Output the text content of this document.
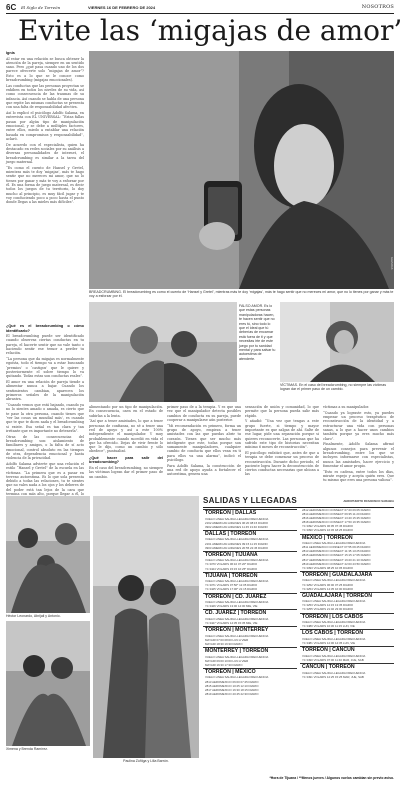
6C El Siglo de Torreón	VIERNES 16 DE FEBRERO DE 2024	NOSOTROS
Evite las ‘migajas de amor’
Ignis

Al estar en una relación se busca obtener la atención de la pareja, siempre en un sentido sano. Pero ¿qué pasa cuando uno de los dos parece ofrecerte solo “migajas de amor”? Esto es a lo que se le conoce como breadcrumbing (migajas emocionales).

Las conductas que las personas proyectan se exhiben en todos los niveles de su vida, así como consecuencia de las traumas de su infancia. Así cuando se habla de una persona que repite las mismas conductas se presenta con una falta de responsabilidad afectiva.

Así lo explicó el psicólogo Adolfo Salama, en entrevista con EL UNIVERSAL: “Estas fallas pasan por algún tipo de manipulación emocional, y se debe a múltiples factores, entre ellos, miedo a entablar una relación basada en compromisos y responsabilidad”, aclaró.

De acuerdo con el especialista, quien ha destacado en redes sociales por su análisis a diversas personalidades de internet, el breadcrumbing es similar a la tarea del juego maternal.

“Es como el cuento de Hansel y Gretel, mientras más te doy ‘migajas’, más te hago sentir que no mereces mi amor, que no lo tienes por ganar y más te voy a esforzar por él. Es una forma de juego maternal, es decir todos los juegos de tu territorio, lo doy mucho al principio, es muy fácil jugar y te voy conduciendo poco a poco hasta el punto donde llegas a las mieles más difíciles”.

¿Qué es el breadcrumbing o cómo identificarlo?

El breadcrumbing puede ser identificado cuando observas ciertas conductas en tu pareja, el hacerte sentir que no vale tanto o haciendo sentir ese temor a perder tu relación.

“La persona que da migajas es normalmente egoísta, todo el tiempo va a estar buscando ‘premios’ o ‘castigos’ que le quiere y posteriormente el sobre tiempo lo va quitando. Todas estas son conductas reales”.

El amor en una relación de pareja tiende a alimentar nunca a bajar. Cuando los sentimientos cambian, aparecen los primeros señales de la manipulación abrasiva.

“Cuando vemos que está bajando, cuando ya no lo sientes amado o amada, es cierto que te pase la otra persona, cuando tienes que ‘ver las cosas un mundial más’, es cuando que te que te dicen nada y el breadcrumbing si existe. Esa señal es tan clara y tan irritante que es importante no detenerla”.

Otras de las consecuencias del breadcrumbing son: aislamiento de familiares y amigos, o la falta de sí acto emocional, control absoluto en las tiempos de otra, dependencia emocional y hasta violencia de la privacidad.

Adolfo Salama advierte que una relación el estilo “Hansel y Gretel” de la escuela en las víctimas. “La primera que es a pasar en terreno autoestima. Es lo que sola presenta debido a todas las relaciones, tu te sientes que no vales nada a los ojos y los deberes de del poder está tan lejos de la cara que termina con más alto, porque llegar a él, lo

AGENCIAS
BREADCRUMBING. El breadcrumbing es como el cuento de ‘Hansel y Gretel’, mientras más te doy ‘migajas’, más te hago sentir que no mereces mi amor, que no lo tienes por ganar y más te voy a esforzar por él.
FALSO AMOR. Es lo que estas personas manipuladoras hacen, te hacen sentir que no eres tú, sino todo lo que el ideal que tú deberías de encarnar está fuera de ti y que necesitas irte de este juego por tu sanidad mental y para salvar tu autoestima de atenderte.
VÍCTIMAS. En el caso del breadcrumbing, no siempre las víctimas logran dar el primer paso de un cambio.

alimentando por un tipo de manipulación. En consecuencia, caen en el estado de subirlas a la lenta.

“Así que a tener amistades, lo que a tener personas de confianza, no sé a tener una red de apoyo y así a este 100% independiente el manipulador. Y muy probablemente cuando sucedió en vida el que ha ofrecido. Dejas de vivir frente lo que le dijo, como un cambio y sólo obedece”, puntualizó.

¿Qué hacer para salir del breadcrumbing?

En el caso del breadcrumbing, no siempre las víctimas logran dar el primer paso de un cambio.

primer paso de a la terapia. Y es que una vez que el manipulador detecta posibles cambios de conducta en su pareja, puede cooperar a manipularse aún posterior.

“Mi recomendación es primero, forma un grupo de apoyo, empieza a tener amistades con las que puedas abrir tu corazón. Tienes que ser mucho más inteligente que este, todas porque son sumamente manipuladores, cualquier cambio de conducta que ellos vean en ti para ellos va una alarma”, indicó el psicólogo.

Para Adolfo Salama, la construcción de una red de apoyo ayuda a fortalecer el autoestima, genera una

sensación de unión y comunidad, lo que permite que la persona pueda salir más rápido.

Y añadió: “Una vez que tengas a este grupo fuerte, si tiempo y mayor importante es que salgas de ahí. Salte de ese lugar, pide una separación porque si quieres reconocerte. Las personas que ha sufrido este tipo de historias necesitan mínimo 6 meses de reconstrucción”.

El psicólogo enfatizó que, antes de que a terapia se debe comenzar un proceso de reconstrucción. Durante dicho periodo, el paciente logra hacer la deconstrucción de ciertos conductas necesarias que ubican a las

víctimas a su manipulador.

“Cuando ya lograste esto, ya puedes empezar un proceso terapéutico de reconstrucción de la identidad y a estructurar una vida con personas sanas, a lo que a hacer unos cambios también porque ya eres mucho más claro”.

Finalmente, Adolfo Salama afirmó algunos consejos para prevenir el breadcrumbing, entre los que se incluyen informarse con especialistas, nunca las amistades, hacer ejercicio y fomentar el amor propio.

“Esto es cadena, entre todos los días, mirate espejo y acepta quién eres. Que tu mismo que eres una persona valiosa”.

Héctor Leonardo, Abrijail y Antonio.
Ximena y Brenda Ramírez.
Paulina Zúñiga y Lilia Barrón.
SALIDAS Y LLEGADAS	AEROPUERTO FRANCISCO SARABIA
TORREÓN | DALLAS
VUELO LINEA SALIDA LLEGADA FRECUENCIA
2162 AMERICAN AIRLINES 06:20 08:15 DIARIO
3902 AMERICAN AIRLINES 11:45 13:40 DIARIO
DALLAS | TORREÓN
VUELO LINEA SALIDA LLEGADA FRECUENCIA
2161 AMERICAN AIRLINES 09:15 11:15 DIARIO
3903 AMERICAN AIRLINES 20:55 22:45 DIARIO
TORREÓN | TIJUANA
VUELO LINEA SALIDA LLEGADA FRECUENCIA
Y4 3370 VOLARIS 06:10 07:20* DIARIO
Y4 3424 VOLARIS 15:15 16:25* DIARIO
TIJUANA | TORREÓN
VUELO LINEA SALIDA LLEGADA FRECUENCIA
Y4 3371 VOLARIS 07:50* 12:05 DIARIO
Y4 3425 VOLARIS 17:00* 21:15 DIARIO
TORREÓN | CD. JUÁREZ
VUELO LINEA SALIDA LLEGADA FRECUENCIA
Y4 3426 VOLARIS 13:00 14:00 MIE, VIE
CD. JUÁREZ | TORREÓN
VUELO LINEA SALIDA LLEGADA FRECUENCIA
Y4 3427 VOLARIS 14:35 15:35 MIE, VIE
TORREÓN | MONTERREY
VUELO LINEA SALIDA LLEGADA FRECUENCIA
MAYAIR 07:00 08:00 LUN A VIER
MAYAIR 18:30 19:30 DIARIO
MONTERREY | TORREÓN
VUELO LINEA SALIDA LLEGADA FRECUENCIA
MAYAIR 09:00 10:00 LUN A VIER
MAYAIR 16:30 17:30 DIARIO
TORREÓN | MÉXICO
VUELO LINEA SALIDA LLEGADA FRECUENCIA
2813 AEROMEXICO 06:00 07:45 DIARIO
2815 AEROMEXICO 10:25 12:10 DIARIO
2817 AEROMEXICO 16:30 18:15 DIARIO
2819 AEROMEXICO 20:45 22:30 DIARIO
2812 AEROMEXICO CONNECT 07:20 09:05 DIARIO
2814 AEROMEXICO CONNECT 09:35 11:20 DIARIO
2816 AEROMEXICO CONNECT 13:40 15:25 DIARIO
2818 AEROMEXICO CONNECT 17:50 19:35 DIARIO
Y4 3392 VOLARIS 06:05 07:45 DIARIO
Y4 3390 VOLARIS 16:45 18:25 DIARIO
MÉXICO | TORREÓN
VUELO LINEA SALIDA LLEGADA FRECUENCIA
2811 AEROMEXICO CONNECT 07:55 09:45 DIARIO
2813 AEROMEXICO CONNECT 11:35 13:25 DIARIO
2815 AEROMEXICO CONNECT 15:15 17:05 DIARIO
2817 AEROMEXICO CONNECT 19:20 21:10 DIARIO
2819 AEROMEXICO CONNECT 22:00 23:50 DIARIO
Y4 3393 VOLARIS 08:25 10:05 DIARIO
TORREÓN | GUADALAJARA
VUELO LINEA SALIDA LLEGADA FRECUENCIA
Y4 3252 VOLARIS 06:00 07:25 DIARIO
Y4 3254 VOLARIS 14:35 16:00 DIARIO
GUADALAJARA | TORREÓN
VUELO LINEA SALIDA LLEGADA FRECUENCIA
Y4 3253 VOLARIS 12:15 13:35 DIARIO
Y4 3255 VOLARIS 21:40 23:00 DIARIO
TORREÓN | LOS CABOS
VUELO LINEA SALIDA LLEGADA FRECUENCIA
Y4 3480 VOLARIS 10:30 11:15 LUN, VIE
LOS CABOS | TORREÓN
VUELO LINEA SALIDA LLEGADA FRECUENCIA
Y4 3481 VOLARIS 12:00 14:35 LUN, VIE
TORREÓN | CANCÚN
VUELO LINEA SALIDA LLEGADA FRECUENCIA
Y4 3490 VOLARIS 07:00 11:40 MAR, JUE, SAB
CANCÚN | TORREÓN
VUELO LINEA SALIDA LLEGADA FRECUENCIA
Y4 3491 VOLARIS 12:25 15:25 MAR, JUE, SAB
*Hora de Tijuana / **Menos jueves / Algunos vuelos cambian sin previo aviso.
